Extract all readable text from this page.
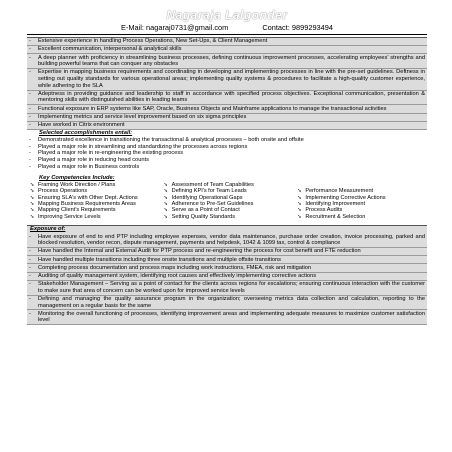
Nagaraja Lalgonder
E-Mail: nagaraj0731@gmail.com	Contact: 9899293494
-	Extensive experience in handling Process Operations, New Set-Ups, & Client Management
-	Excellent communication, interpersonal & analytical skills
-	A deep planner with proficiency in streamlining business processes, defining continuous improvement processes, accelerating employees' strengths and building powerful teams that can conquer any obstacles
-	Expertise in mapping business requirements and coordinating in developing and implementing processes in line with the pre-set guidelines. Deftness in setting out quality standards for various operational areas; implementing quality systems & procedures to facilitate a high-quality customer experience, while adhering to the SLA
-	Adeptness in providing guidance and leadership to staff in accordance with specified process objectives. Exceptional communication, presentation & mentoring skills with distinguished abilities in leading teams
-	Functional exposure in ERP systems like SAP, Oracle, Business Objects and Mainframe applications to manage the transactional activities
-	Implementing metrics and service level improvement based on six sigma principles
-	Have worked in Citrix environment
Selected accomplishments entail:
-	Demonstrated excellence in transitioning the transactional & analytical processes – both onsite and offsite
-	Played a major role in streamlining and standardizing the processes across regions
-	Played a major role in re-engineering the existing process
-	Played a major role in reducing head counts
-	Played a major role in Business controls
Key Competencies Include:
➘ Framing Work Direction / Plans	➘ Assessment of Team Capabilities
➘ Process Operations	➘ Defining KPI's for Team Leads	➘ Performance Measurement
➘ Ensuring SLA's with Other Dept. Actions	➘ Identifying Operational Gaps	➘ Implementing Corrective Actions
➘ Mapping Business Requirements Areas	➘ Adherence to Pre-Set Guidelines	➘ Identifying Improvement
➘ Mapping Client's Requirements	➘ Serve as a Point of Contact	➘ Process Audits
➘ Improving Service Levels	➘ Setting Quality Standards	➘ Recruitment & Selection
Exposure of:
-	Have exposure of end to end PTP including employee expenses, vendor data maintenance, purchase order creation, invoice processing, parked and blocked resolution, vendor recon, dispute management, payments and helpdesk, 1042 & 1099 tax, control & compliance
-	Have handled the Internal and External Audit for PTP process and re-engineering the process for cost benefit and FTE reduction
-	Have handled multiple transitions including three onsite transitions and multiple offsite transitions
-	Completing process documentation and process maps including work instructions, FMEA, risk and mitigation
-	Auditing of quality management system, identifying root causes and effectively implementing corrective actions
-	Stakeholder Management – Serving as a point of contact for the clients across regions for escalations; ensuring continuous interaction with the customer to make sure that area of concern can be worked upon for improved service levels
-	Defining and managing the quality assurance program in the organization; overseeing metrics data collection and calculation, reporting to the management on a regular basis for the same
-	Monitoring the overall functioning of processes, identifying improvement areas and implementing adequate measures to maximize customer satisfaction level
